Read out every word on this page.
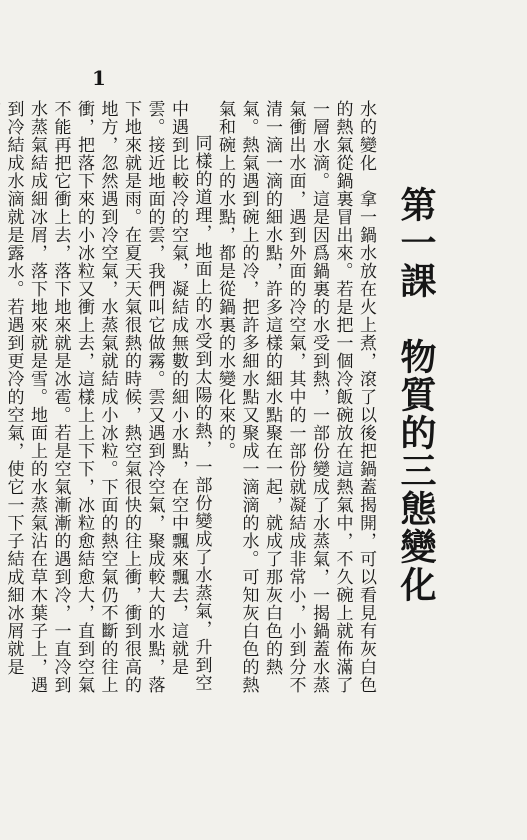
第一課　物質的三態變化

水的變化　拿一鍋水放在火上煮，滾了以後把鍋蓋揭開，可以看見有灰白色的熱氣從鍋裏冒出來。若是把一個冷飯碗放在這熱氣中，不久碗上就佈滿了一層水滴。這是因爲鍋裏的水受到熱，一部份變成了水蒸氣，一揭鍋蓋水蒸氣衝出水面，遇到外面的冷空氣，其中的一部份就凝結成非常小，小到分不清一滴一滴的細水點，許多這樣的細水點聚在一起，就成了那灰白色的熱氣。熱氣遇到碗上的冷，把許多細水點又聚成一滴滴的水。可知灰白色的熱氣和碗上的水點，都是從鍋裏的水變化來的。

同樣的道理，地面上的水受到太陽的熱，一部份變成了水蒸氣，升到空中遇到比較冷的空氣，凝結成無數的細小水點，在空中飄來飄去，這就是雲。接近地面的雲，我們叫它做霧。雲又遇到冷空氣，聚成較大的水點，落下地來就是雨。在夏天天氣很熱的時候，熱空氣很快的往上衝，衝到很高的地方，忽然遇到冷空氣，水蒸氣就結成小冰粒。下面的熱空氣仍不斷的往上衝，把落下來的小冰粒又衝上去，這樣上上下下，冰粒愈結愈大，直到空氣不能再把它衝上去，落下地來就是冰雹。若是空氣漸漸的遇到冷，一直冷到水蒸氣結成細冰屑，落下地來就是雪。地面上的水蒸氣沾在草木葉子上，遇到冷結成水滴就是露水。若遇到更冷的空氣，使它一下子結成細冰屑就是

1
